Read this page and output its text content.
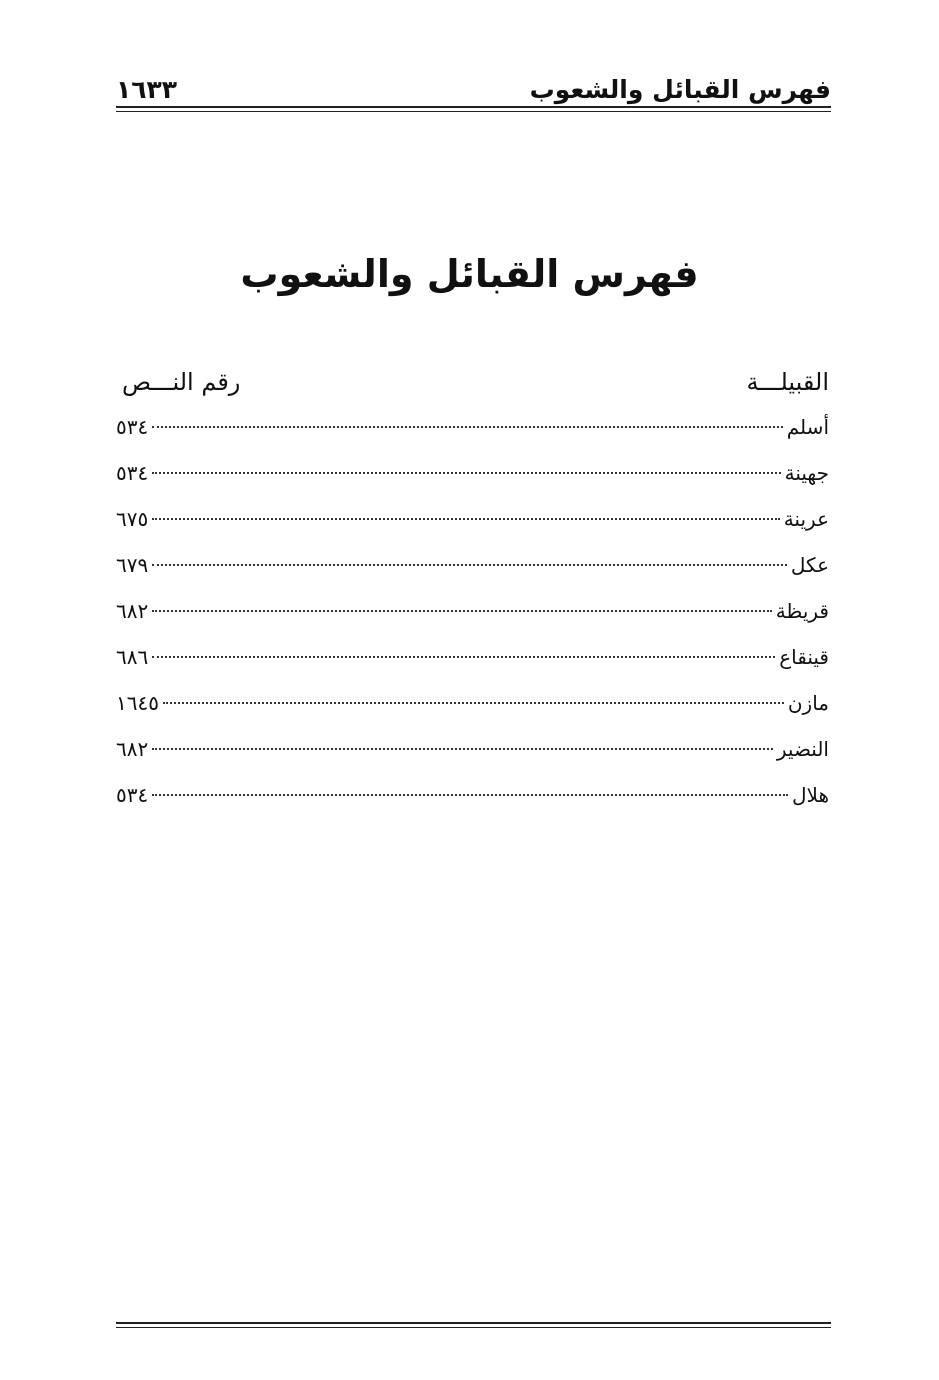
فهرس القبائل والشعوب
١٦٣٣
فهرس القبائل والشعوب
القبيلـــة
رقم النـــص
أسلم
٥٣٤
جهينة
٥٣٤
عرينة
٦٧٥
عكل
٦٧٩
قريظة
٦٨٢
قينقاع
٦٨٦
مازن
١٦٤٥
النضير
٦٨٢
هلال
٥٣٤
